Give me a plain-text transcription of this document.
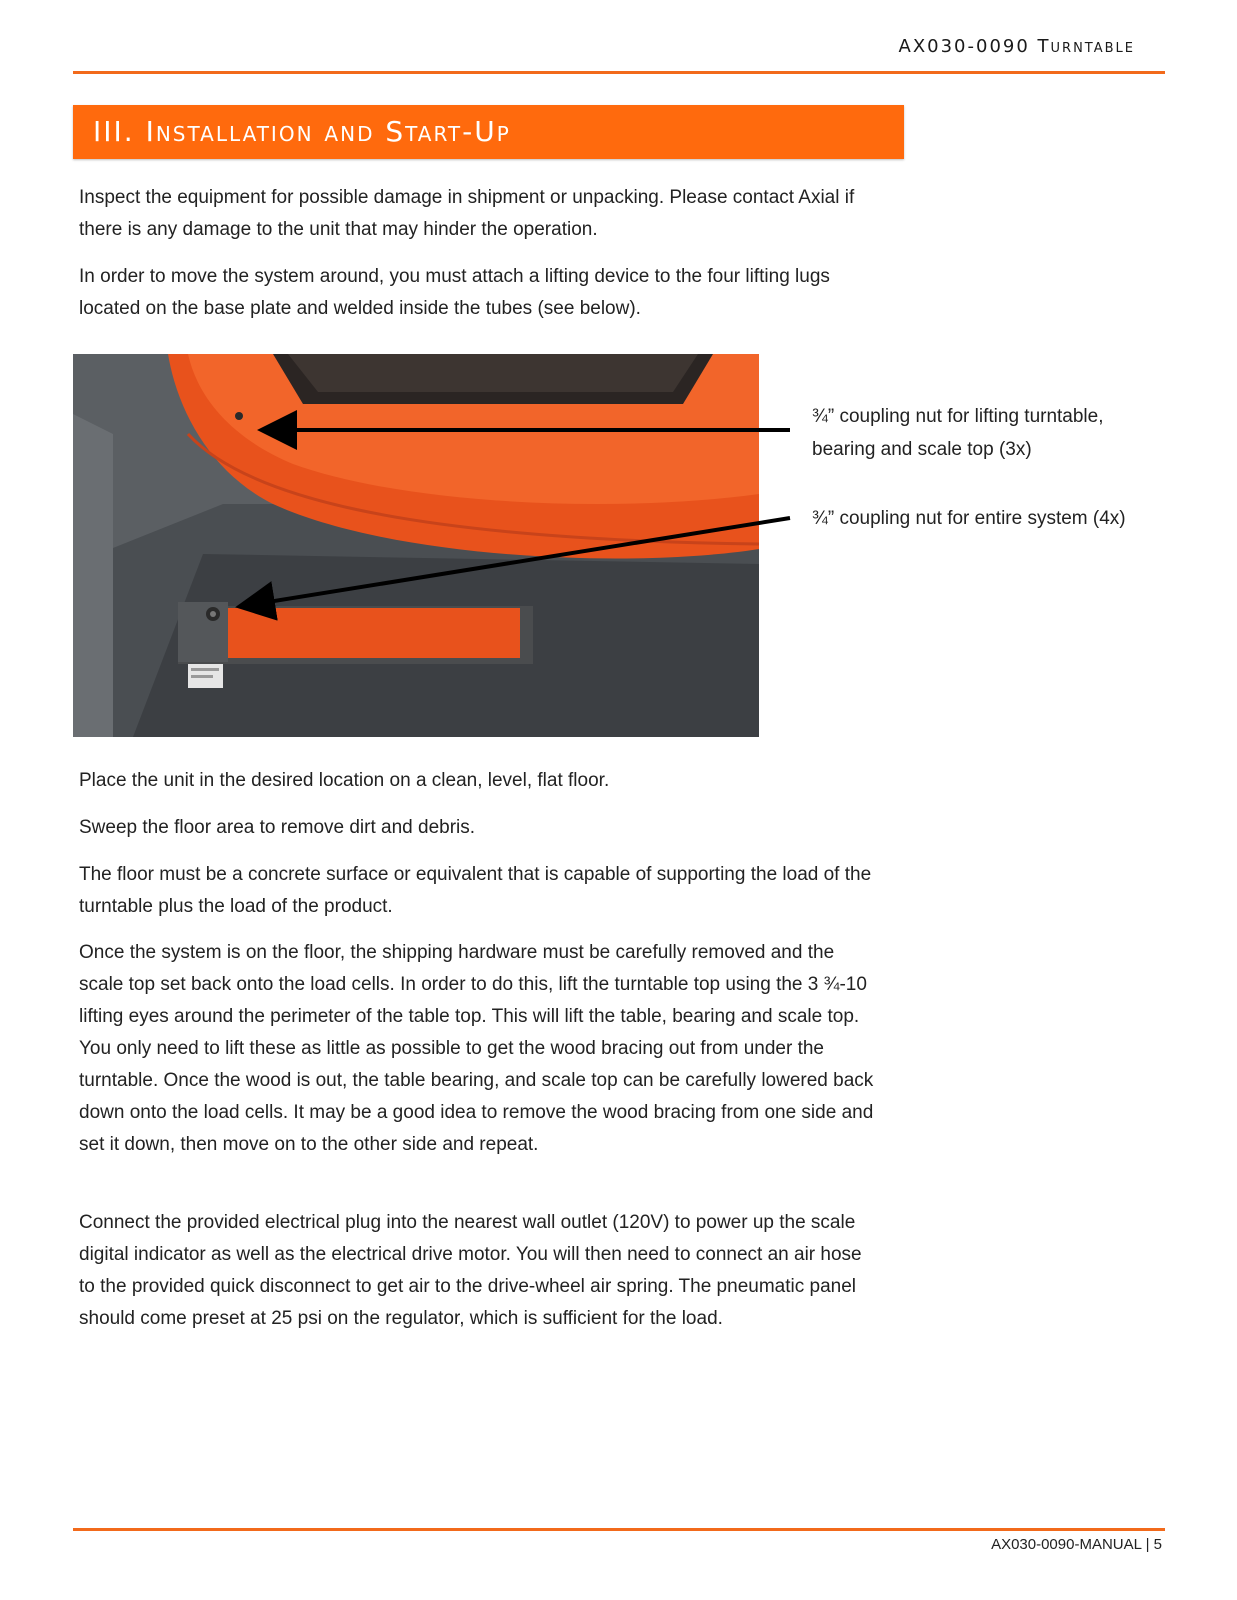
AX030-0090 Turntable
III. Installation and Start-Up

Inspect the equipment for possible damage in shipment or unpacking. Please contact Axial if there is any damage to the unit that may hinder the operation.

In order to move the system around, you must attach a lifting device to the four lifting lugs located on the base plate and welded inside the tubes (see below).

¾” coupling nut for lifting turntable, bearing and scale top (3x)
¾” coupling nut for entire system (4x)

Place the unit in the desired location on a clean, level, flat floor.

Sweep the floor area to remove dirt and debris.

The floor must be a concrete surface or equivalent that is capable of supporting the load of the turntable plus the load of the product.

Once the system is on the floor, the shipping hardware must be carefully removed and the scale top set back onto the load cells. In order to do this, lift the turntable top using the 3 ¾-10 lifting eyes around the perimeter of the table top. This will lift the table, bearing and scale top. You only need to lift these as little as possible to get the wood bracing out from under the turntable. Once the wood is out, the table bearing, and scale top can be carefully lowered back down onto the load cells. It may be a good idea to remove the wood bracing from one side and set it down, then move on to the other side and repeat.

Connect the provided electrical plug into the nearest wall outlet (120V) to power up the scale digital indicator as well as the electrical drive motor. You will then need to connect an air hose to the provided quick disconnect to get air to the drive-wheel air spring. The pneumatic panel should come preset at 25 psi on the regulator, which is sufficient for the load.

AX030-0090-MANUAL | 5
